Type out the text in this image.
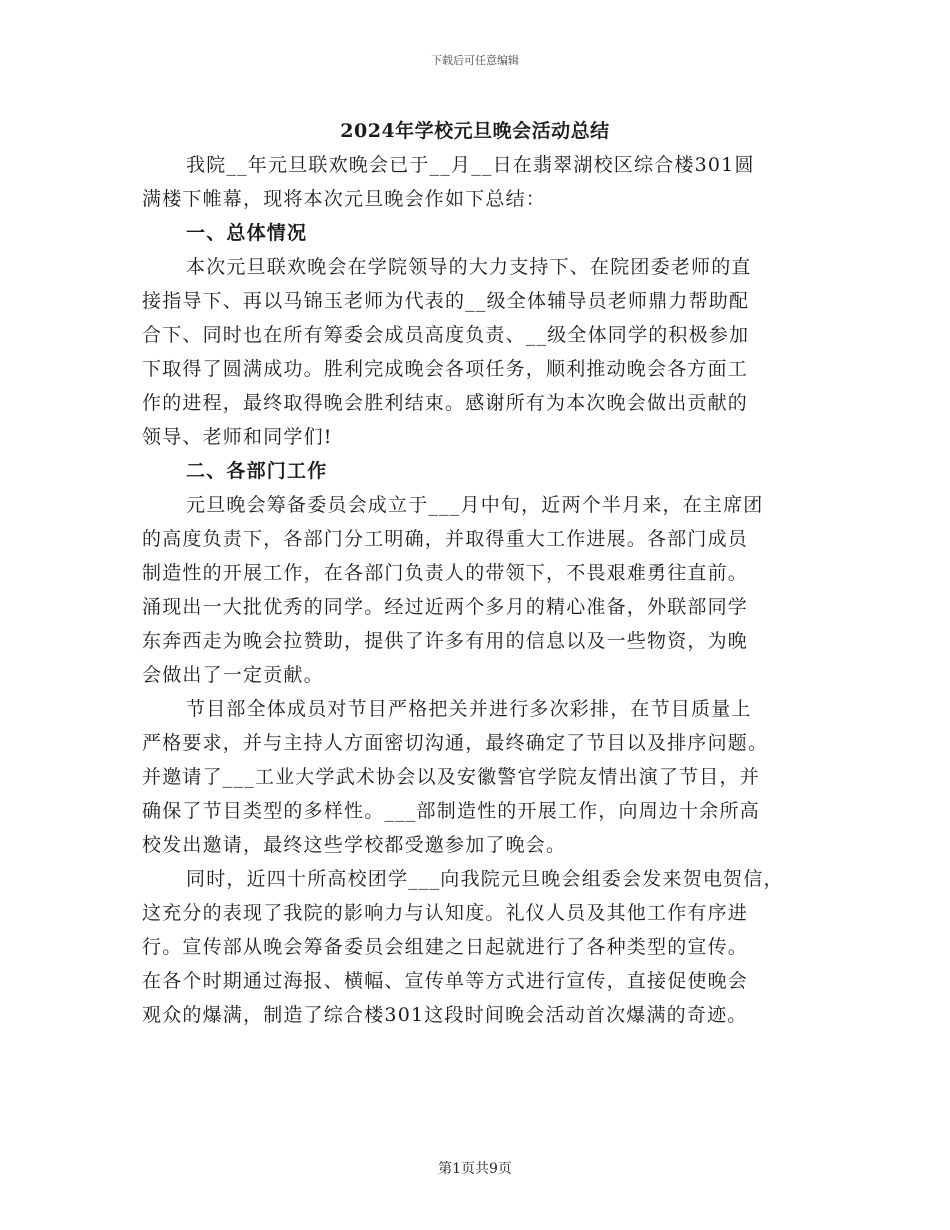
下载后可任意编辑
2024年学校元旦晚会活动总结
我院__年元旦联欢晚会已于__月__日在翡翠湖校区综合楼301圆
满楼下帷幕，现将本次元旦晚会作如下总结：
一、总体情况
本次元旦联欢晚会在学院领导的大力支持下、在院团委老师的直
接指导下、再以马锦玉老师为代表的__级全体辅导员老师鼎力帮助配
合下、同时也在所有筹委会成员高度负责、__级全体同学的积极参加
下取得了圆满成功。胜利完成晚会各项任务，顺利推动晚会各方面工
作的进程，最终取得晚会胜利结束。感谢所有为本次晚会做出贡献的
领导、老师和同学们!
二、各部门工作
元旦晚会筹备委员会成立于___月中旬，近两个半月来，在主席团
的高度负责下，各部门分工明确，并取得重大工作进展。各部门成员
制造性的开展工作，在各部门负责人的带领下，不畏艰难勇往直前。
涌现出一大批优秀的同学。经过近两个多月的精心准备，外联部同学
东奔西走为晚会拉赞助，提供了许多有用的信息以及一些物资，为晚
会做出了一定贡献。
节目部全体成员对节目严格把关并进行多次彩排，在节目质量上
严格要求，并与主持人方面密切沟通，最终确定了节目以及排序问题。
并邀请了___工业大学武术协会以及安徽警官学院友情出演了节目，并
确保了节目类型的多样性。___部制造性的开展工作，向周边十余所高
校发出邀请，最终这些学校都受邀参加了晚会。
同时，近四十所高校团学___向我院元旦晚会组委会发来贺电贺信，
这充分的表现了我院的影响力与认知度。礼仪人员及其他工作有序进
行。宣传部从晚会筹备委员会组建之日起就进行了各种类型的宣传。
在各个时期通过海报、横幅、宣传单等方式进行宣传，直接促使晚会
观众的爆满，制造了综合楼301这段时间晚会活动首次爆满的奇迹。
第1页共9页
